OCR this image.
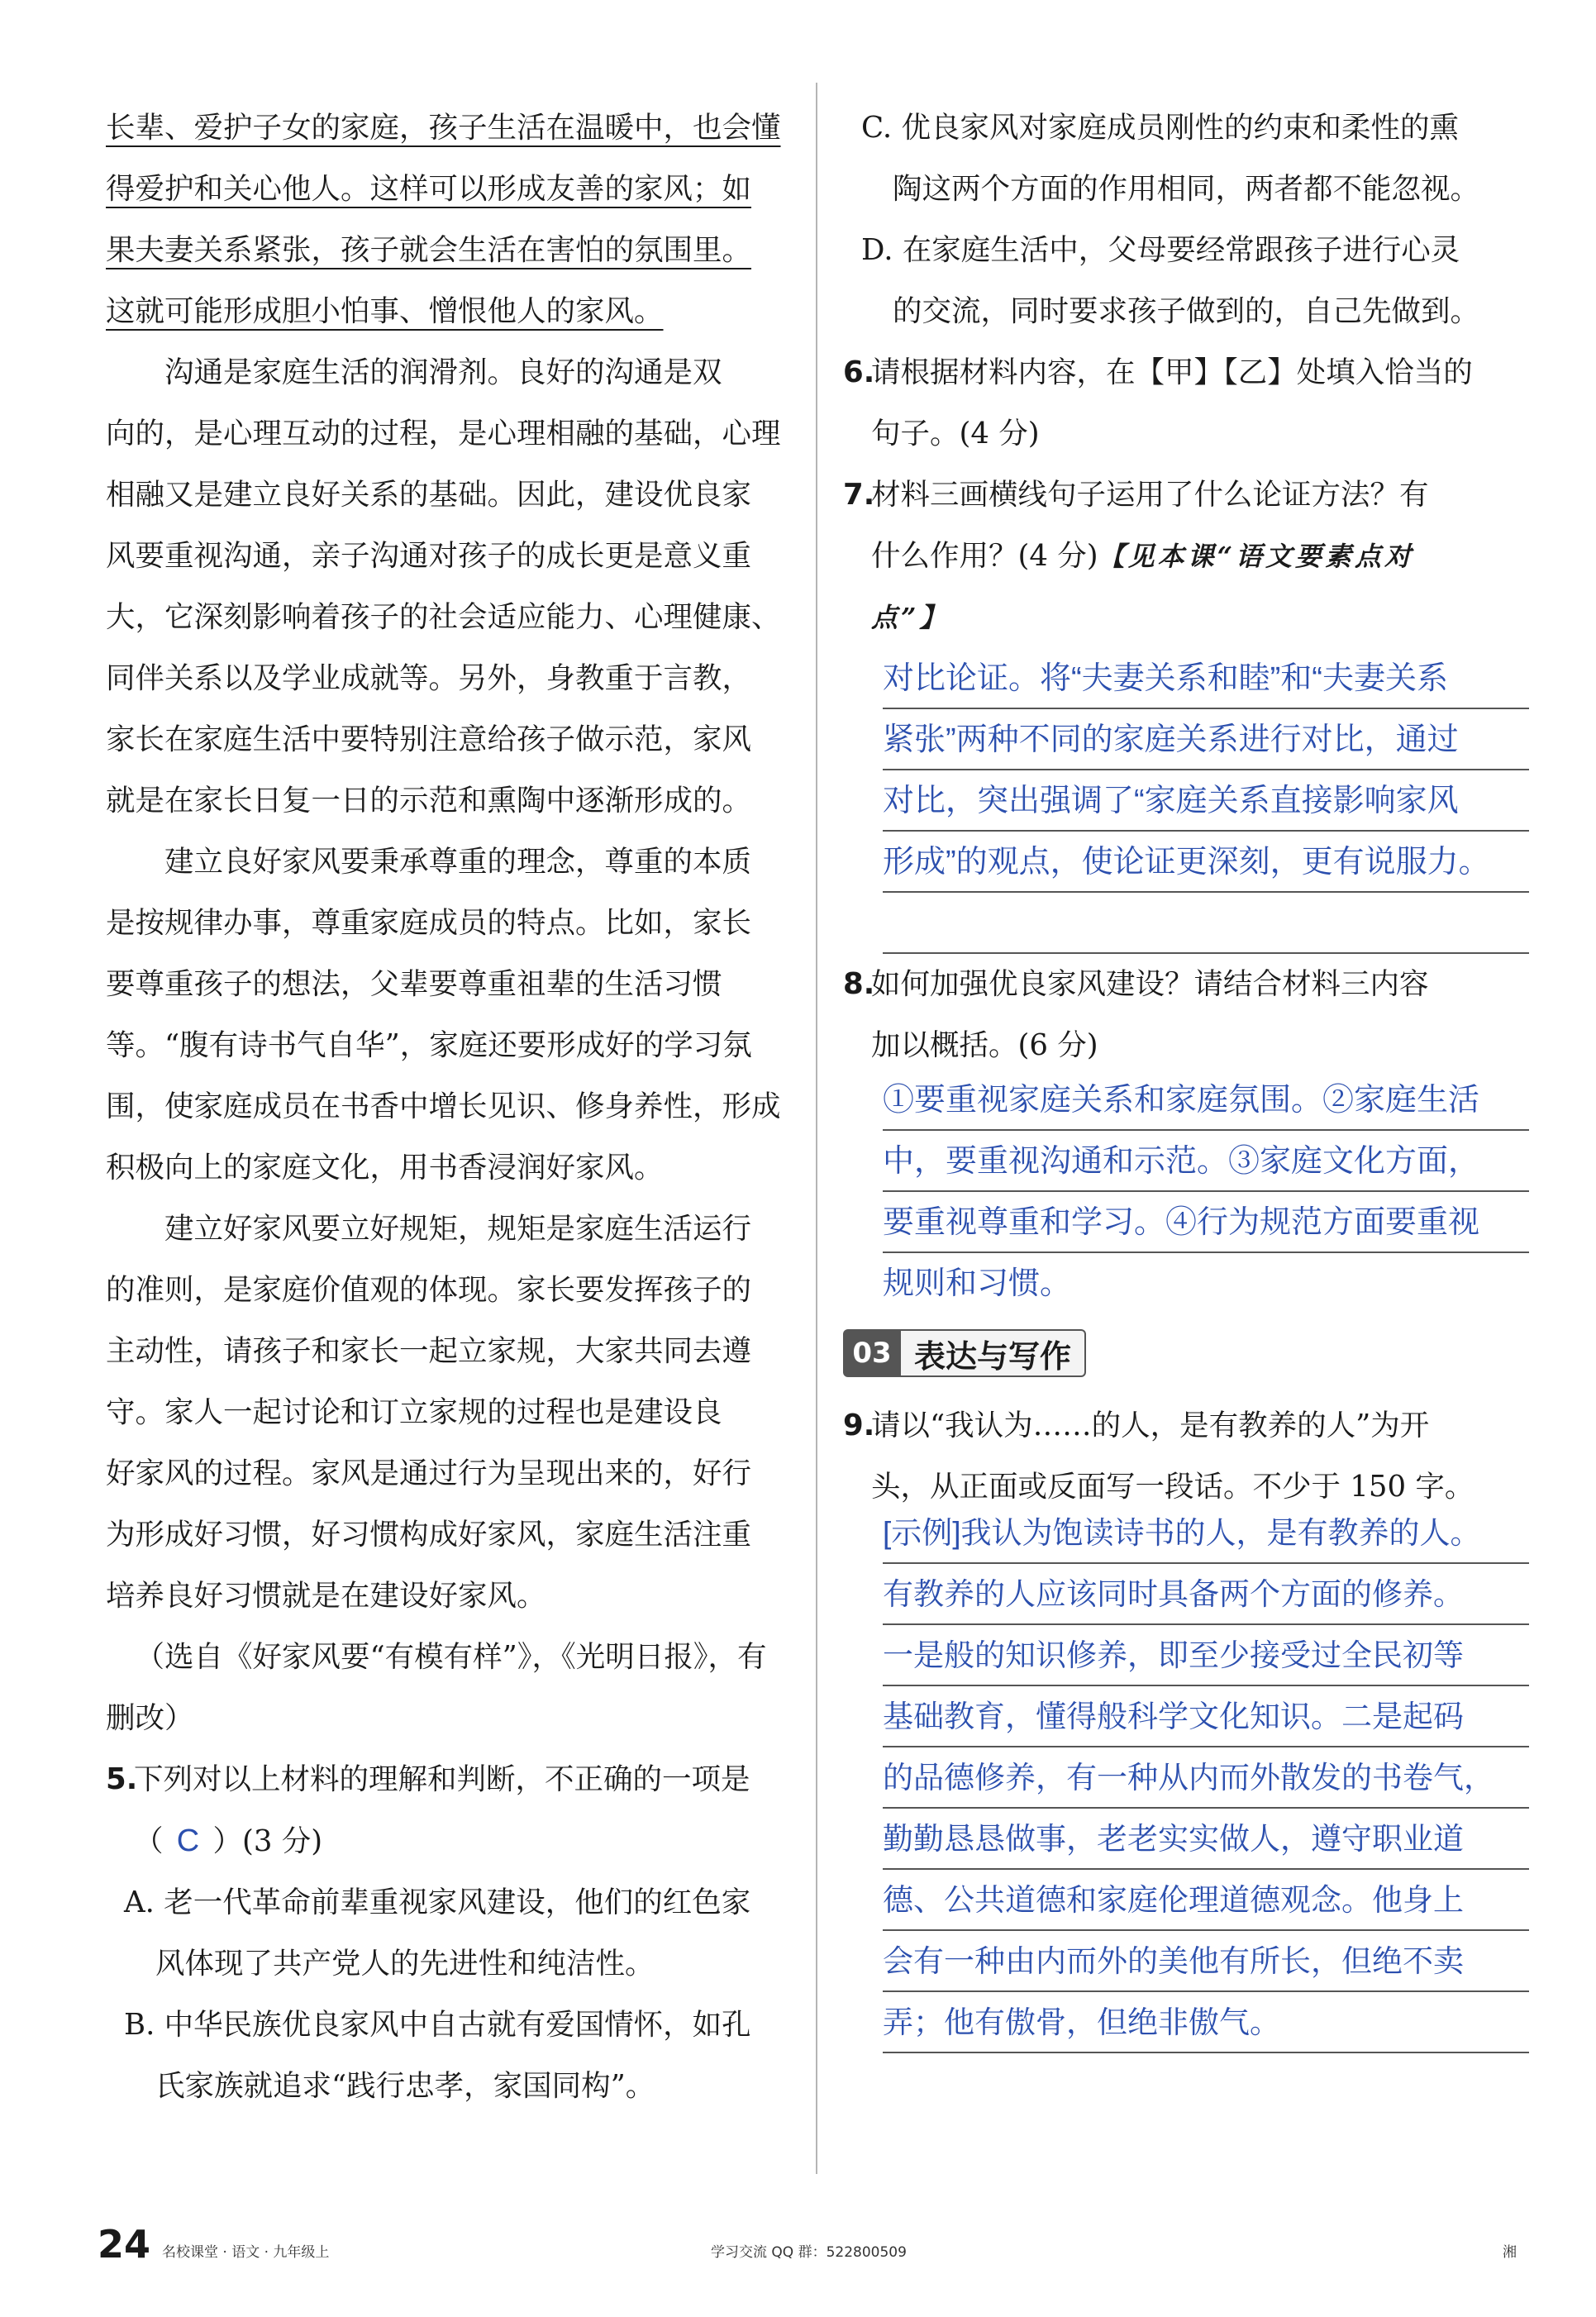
长辈、爱护子女的家庭，孩子生活在温暖中，也会懂
得爱护和关心他人。这样可以形成友善的家风；如
果夫妻关系紧张，孩子就会生活在害怕的氛围里。
这就可能形成胆小怕事、憎恨他人的家风。

沟通是家庭生活的润滑剂。良好的沟通是双
向的，是心理互动的过程，是心理相融的基础，心理
相融又是建立良好关系的基础。因此，建设优良家
风要重视沟通，亲子沟通对孩子的成长更是意义重
大，它深刻影响着孩子的社会适应能力、心理健康、
同伴关系以及学业成就等。另外，身教重于言教，
家长在家庭生活中要特别注意给孩子做示范，家风
就是在家长日复一日的示范和熏陶中逐渐形成的。

建立良好家风要秉承尊重的理念，尊重的本质
是按规律办事，尊重家庭成员的特点。比如，家长
要尊重孩子的想法，父辈要尊重祖辈的生活习惯
等。“腹有诗书气自华”，家庭还要形成好的学习氛
围，使家庭成员在书香中增长见识、修身养性，形成
积极向上的家庭文化，用书香浸润好家风。

建立好家风要立好规矩，规矩是家庭生活运行
的准则，是家庭价值观的体现。家长要发挥孩子的
主动性，请孩子和家长一起立家规，大家共同去遵
守。家人一起讨论和订立家规的过程也是建设良
好家风的过程。家风是通过行为呈现出来的，好行
为形成好习惯，好习惯构成好家风，家庭生活注重
培养良好习惯就是在建设好家风。

（选自《好家风要“有模有样”》，《光明日报》，有
删改）

5.
下列对以上材料的理解和判断，不正确的一项是
（ C ）(3 分)
A. 老一代革命前辈重视家风建设，他们的红色家
风体现了共产党人的先进性和纯洁性。
B. 中华民族优良家风中自古就有爱国情怀，如孔
氏家族就追求“践行忠孝，家国同构”。
C. 优良家风对家庭成员刚性的约束和柔性的熏
陶这两个方面的作用相同，两者都不能忽视。
D. 在家庭生活中，父母要经常跟孩子进行心灵
的交流，同时要求孩子做到的，自己先做到。
6.
请根据材料内容，在【甲】【乙】处填入恰当的
句子。(4 分)
7.
材料三画横线句子运用了什么论证方法？有
什么作用？(4 分)【见本课“语文要素点对
点”】
对比论证。将“夫妻关系和睦”和“夫妻关系
紧张”两种不同的家庭关系进行对比，通过
对比，突出强调了“家庭关系直接影响家风
形成”的观点，使论证更深刻，更有说服力。
8.
如何加强优良家风建设？请结合材料三内容
加以概括。(6 分)
①要重视家庭关系和家庭氛围。②家庭生活
中，要重视沟通和示范。③家庭文化方面，
要重视尊重和学习。④行为规范方面要重视
规则和习惯。
03 表达与写作
9.
请以“我认为……的人，是有教养的人”为开
头，从正面或反面写一段话。不少于 150 字。
[示例]我认为饱读诗书的人，是有教养的人。
有教养的人应该同时具备两个方面的修养。
一是般的知识修养，即至少接受过全民初等
基础教育，懂得般科学文化知识。二是起码
的品德修养，有一种从内而外散发的书卷气，
勤勤恳恳做事，老老实实做人，遵守职业道
德、公共道德和家庭伦理道德观念。他身上
会有一种由内而外的美他有所长，但绝不卖
弄；他有傲骨，但绝非傲气。
24 名校课堂 · 语文 · 九年级上	学习交流 QQ 群：522800509	湘
